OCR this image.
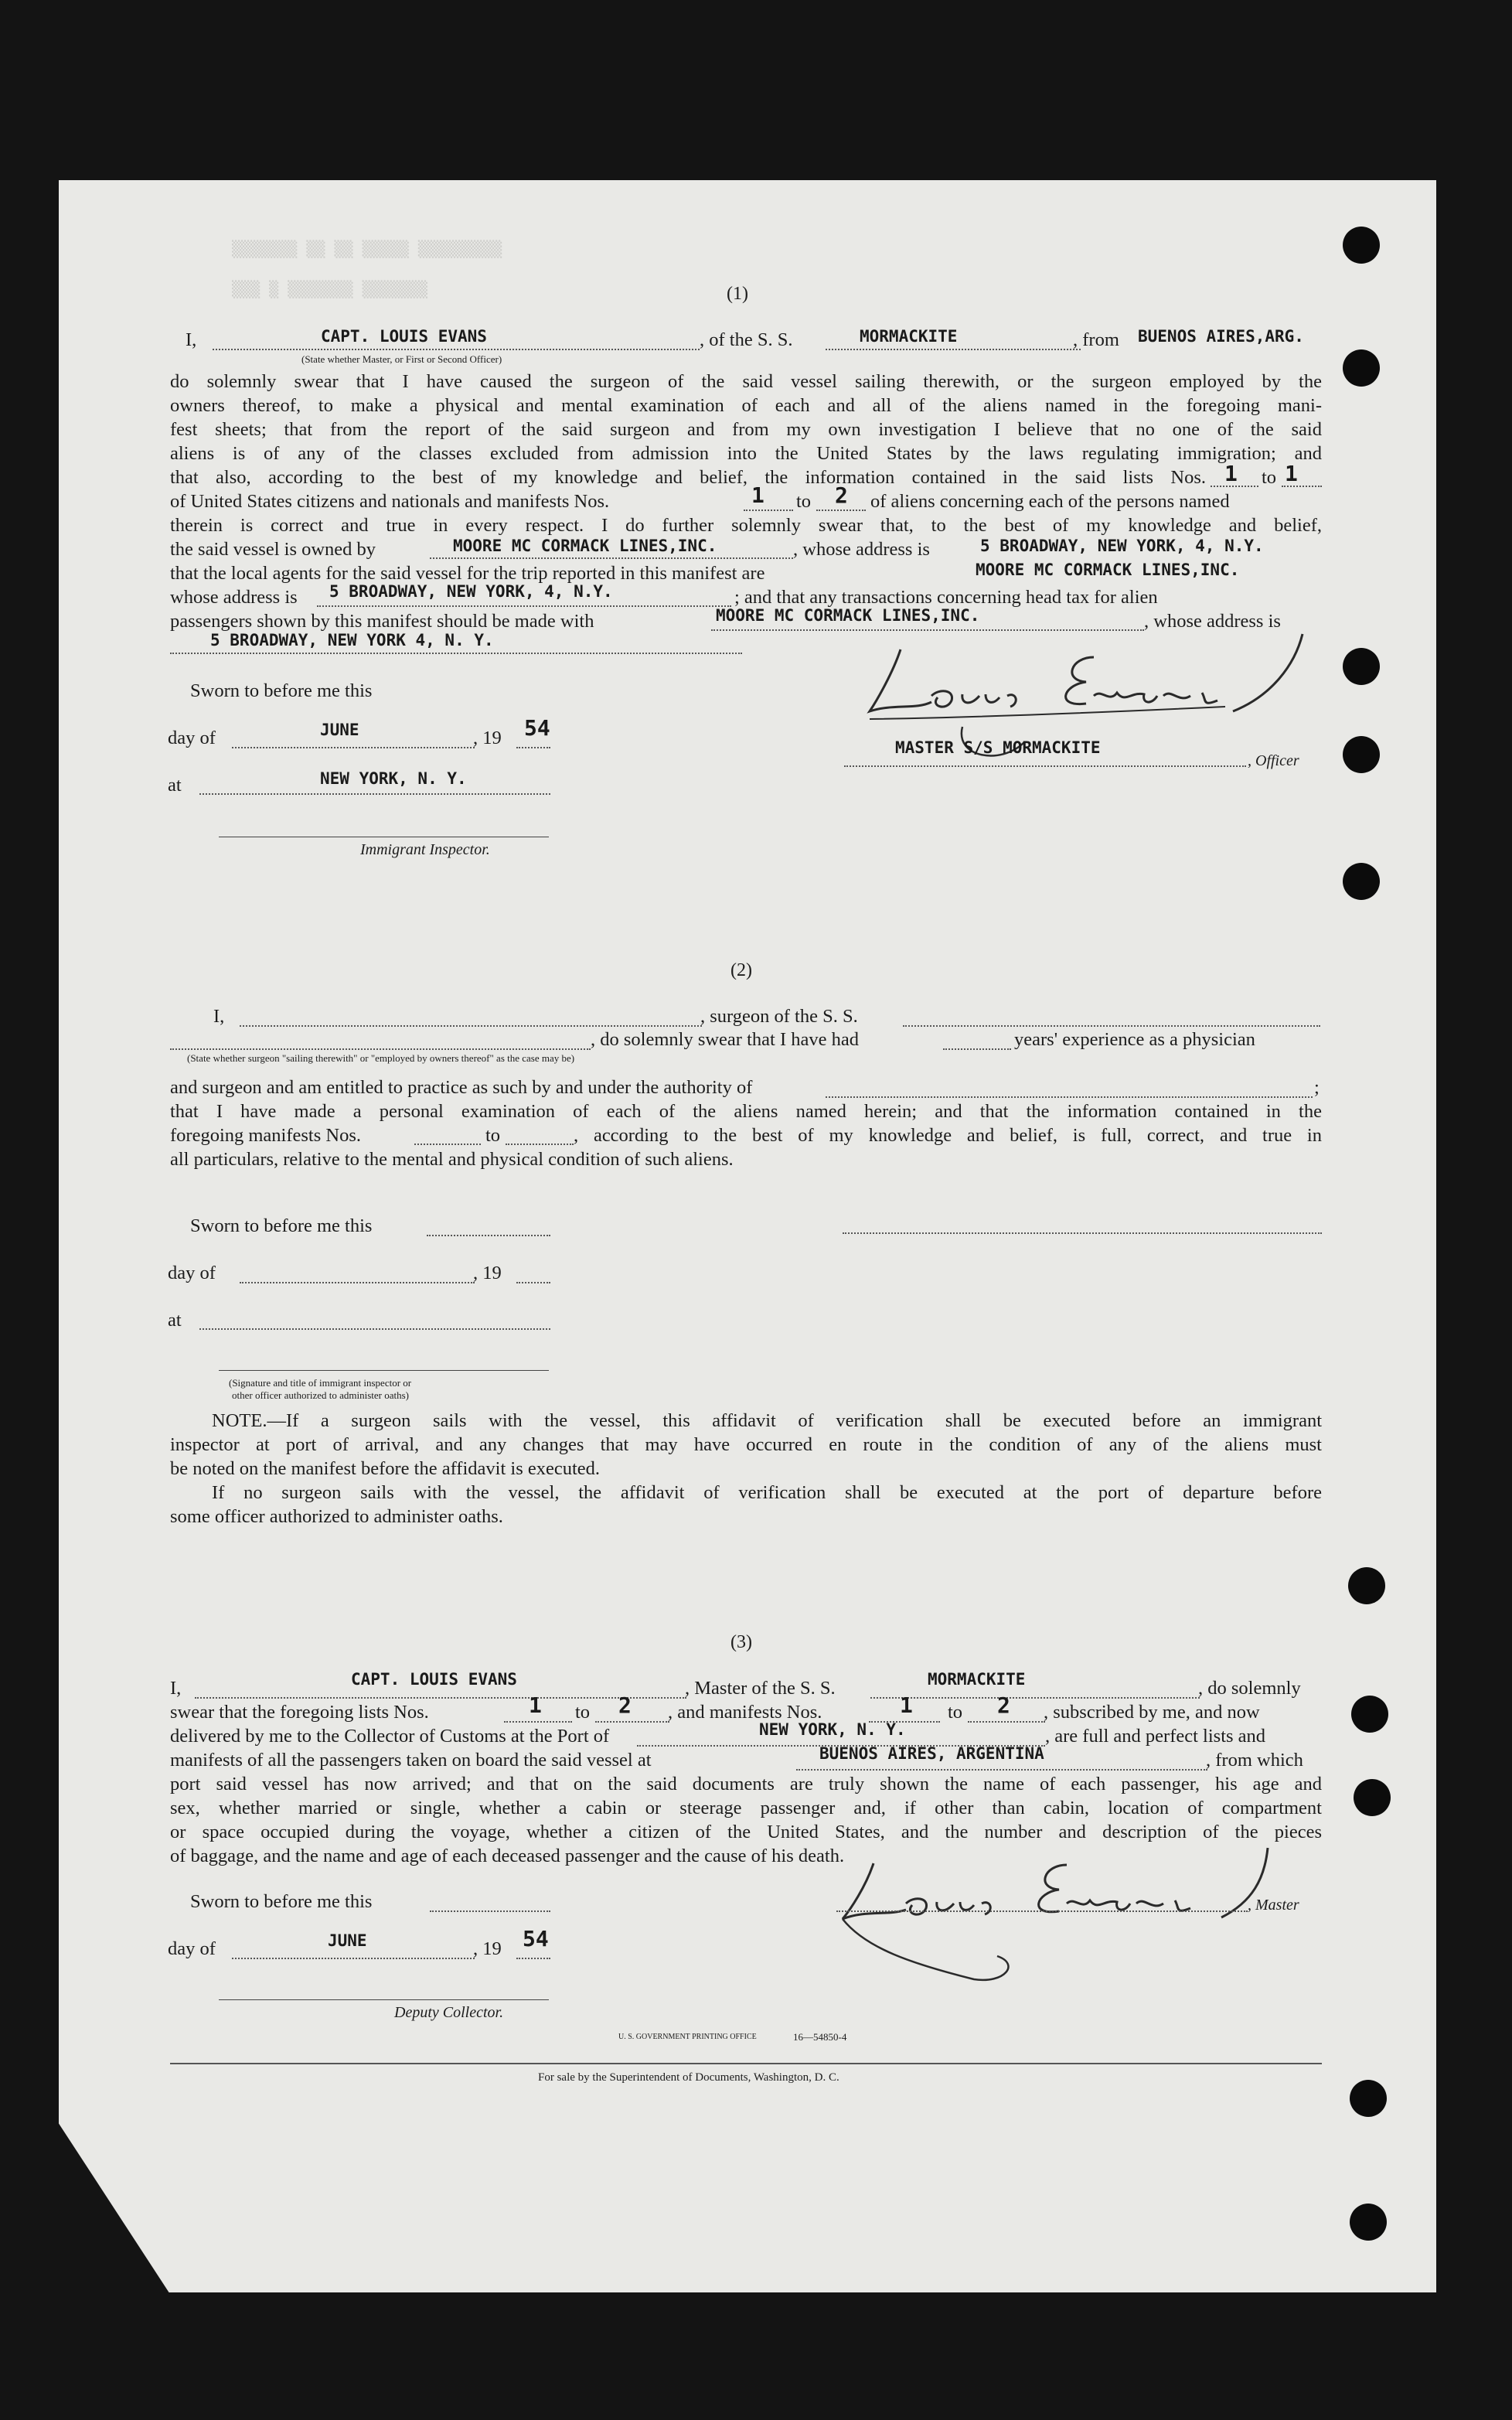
▒▒▒▒▒▒▒ ▒▒ ▒▒ ▒▒▒▒▒ ▒▒▒▒▒▒▒▒▒
▒▒▒ ▒ ▒▒▒▒▒▒▒ ▒▒▒▒▒▒▒	(1)
I,	CAPT. LOUIS EVANS
(State whether Master, or First or Second Officer)
, of the S. S.	MORMACKITE	, from BUENOS AIRES,ARG.
do solemnly swear that I have caused the surgeon of the said vessel sailing therewith, or the surgeon employed by the
owners thereof, to make a physical and mental examination of each and all of the aliens named in the foregoing mani-
fest sheets; that from the report of the said surgeon and from my own investigation I believe that no one of the said
aliens is of any of the classes excluded from admission into the United States by the laws regulating immigration; and
that also, according to the best of my knowledge and belief, the information contained in the said lists Nos. 1 to 1
of United States citizens and nationals and manifests Nos.	1 to 2 of aliens concerning each of the persons named
therein is correct and true in every respect. I do further solemnly swear that, to the best of my knowledge and belief,
the said vessel is owned by	MOORE MC CORMACK LINES,INC.	, whose address is	5 BROADWAY, NEW YORK, 4, N.Y.
that the local agents for the said vessel for the trip reported in this manifest are	MOORE MC CORMACK LINES,INC.
whose address is 5 BROADWAY, NEW YORK, 4, N.Y.	; and that any transactions concerning head tax for alien
passengers shown by this manifest should be made with	MOORE MC CORMACK LINES,INC.	, whose address is
5 BROADWAY, NEW YORK 4, N. Y.
Sworn to before me this
day of	JUNE	, 19 54
at	NEW YORK, N. Y.
Immigrant Inspector.
MASTER S/S MORMACKITE
, Officer
(2)
I,	, surgeon of the S. S.
(State whether surgeon "sailing therewith" or "employed by owners thereof" as the case may be)
, do solemnly swear that I have had	years' experience as a physician
and surgeon and am entitled to practice as such by and under the authority of	;
that I have made a personal examination of each of the aliens named herein; and that the information contained in the
foregoing manifests Nos.	to	, according to the best of my knowledge and belief, is full, correct, and true in
all particulars, relative to the mental and physical condition of such aliens.
Sworn to before me this
day of	, 19
at
(Signature and title of immigrant inspector or
other officer authorized to administer oaths)
NOTE.—If a surgeon sails with the vessel, this affidavit of verification shall be executed before an immigrant
inspector at port of arrival, and any changes that may have occurred en route in the condition of any of the aliens must
be noted on the manifest before the affidavit is executed.
If no surgeon sails with the vessel, the affidavit of verification shall be executed at the port of departure before
some officer authorized to administer oaths.
(3)
I,	CAPT. LOUIS EVANS	, Master of the S. S.	MORMACKITE	, do solemnly
swear that the foregoing lists Nos.	1 to 2 , and manifests Nos.	1 to 2 , subscribed by me, and now
delivered by me to the Collector of Customs at the Port of	NEW YORK, N. Y.	, are full and perfect lists and
manifests of all the passengers taken on board the said vessel at	BUENOS AIRES, ARGENTINA	, from which
port said vessel has now arrived; and that on the said documents are truly shown the name of each passenger, his age and
sex, whether married or single, whether a cabin or steerage passenger and, if other than cabin, location of compartment
or space occupied during the voyage, whether a citizen of the United States, and the number and description of the pieces
of baggage, and the name and age of each deceased passenger and the cause of his death.
Sworn to before me this	, Master
day of	JUNE	, 19 54
Deputy Collector.
U. S. GOVERNMENT PRINTING OFFICE	16—54850-4
For sale by the Superintendent of Documents, Washington, D. C.
